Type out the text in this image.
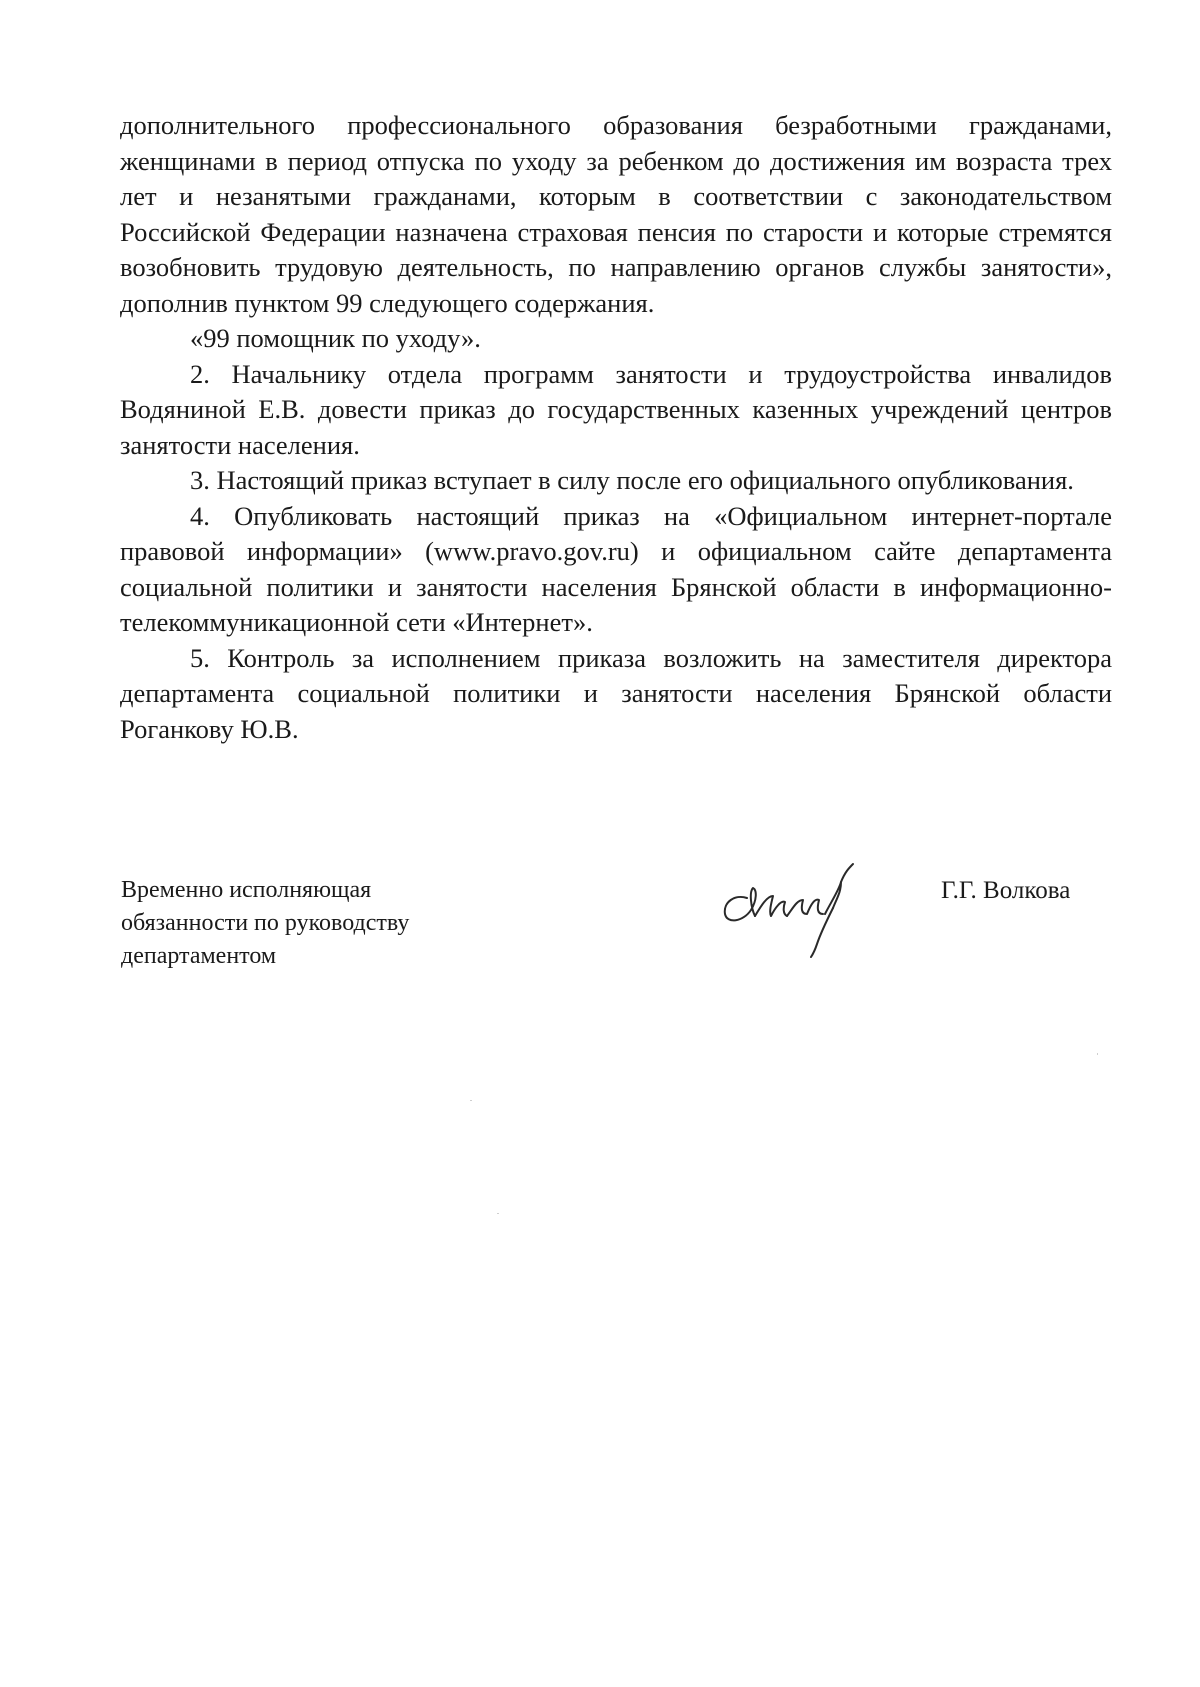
дополнительного профессионального образования безработными гражданами, женщинами в период отпуска по уходу за ребенком до достижения им возраста трех лет и незанятыми гражданами, которым в соответствии с законодательством Российской Федерации назначена страховая пенсия по старости и которые стремятся возобновить трудовую деятельность, по направлению органов службы занятости», дополнив пунктом 99 следующего содержания.

«99 помощник по уходу».

2. Начальнику отдела программ занятости и трудоустройства инвалидов Водяниной Е.В. довести приказ до государственных казенных учреждений центров занятости населения.

3. Настоящий приказ вступает в силу после его официального опубликования.

4. Опубликовать настоящий приказ на «Официальном интернет-портале правовой информации» (www.pravo.gov.ru) и официальном сайте департамента социальной политики и занятости населения Брянской области в информационно-телекоммуникационной сети «Интернет».

5. Контроль за исполнением приказа возложить на заместителя директора департамента социальной политики и занятости населения Брянской области Роганкову Ю.В.

Временно исполняющая
обязанности по руководству
департаментом
Г.Г. Волкова
